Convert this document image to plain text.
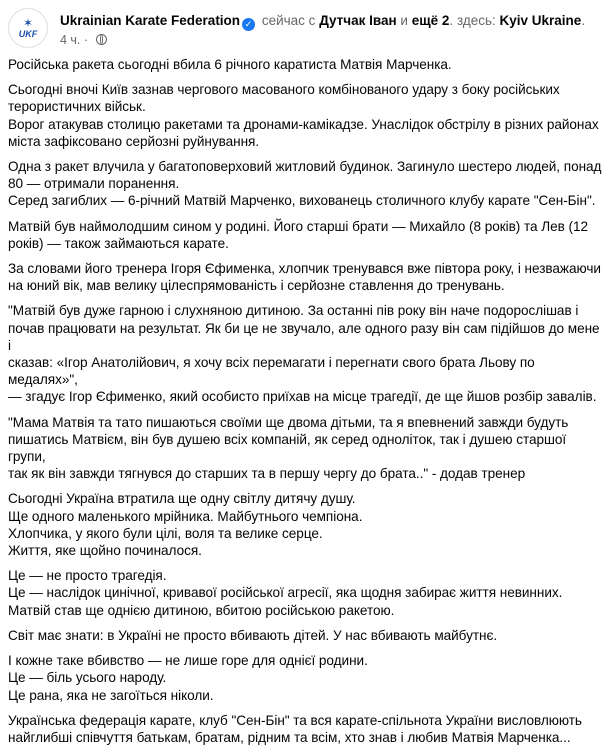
✶
UKF
Ukrainian Karate Federation ✓ сейчас с Дутчак Іван и ещё 2. здесь: Kyiv Ukraine.
4 ч. ·

Російська ракета сьогодні вбила 6 річного каратиста Матвія Марченка.

Сьогодні вночі Київ зазнав чергового масованого комбінованого удару з боку російських
терористичних військ.
Ворог атакував столицю ракетами та дронами-камікадзе. Унаслідок обстрілу в різних районах
міста зафіксовано серйозні руйнування.

Одна з ракет влучила у багатоповерховий житловий будинок. Загинуло шестеро людей, понад
80 — отримали поранення.
Серед загиблих — 6-річний Матвій Марченко, вихованець столичного клубу карате "Сен-Бін".

Матвій був наймолодшим сином у родині. Його старші брати — Михайло (8 років) та Лев (12
років) — також займаються карате.

За словами його тренера Ігоря Єфименка, хлопчик тренувався вже півтора року, і незважаючи
на юний вік, мав велику цілеспрямованість і серйозне ставлення до тренувань.

"Матвій був дуже гарною і слухняною дитиною. За останні пів року він наче подорослішав і
почав працювати на результат. Як би це не звучало, але одного разу він сам підійшов до мене і
сказав: «Ігор Анатолійович, я хочу всіх перемагати і перегнати свого брата Льову по медалях»",
— згадує Ігор Єфименко, який особисто приїхав на місце трагедії, де ще йшов розбір завалів.

"Мама Матвія та тато пишаються своїми ще двома дітьми, та я впевнений завжди будуть
пишатись Матвієм, він був душею всіх компаній, як серед однолітoк, так і душею старшої групи,
так як він завжди тягнувся до старших та в першу чергу до брата.." - додав тренер

Сьогодні Україна втратила ще одну світлу дитячу душу.
Ще одного маленького мрійника. Майбутнього чемпіона.
Хлопчика, у якого були цілі, воля та велике серце.
Життя, яке щойно починалося.

Це — не просто трагедія.
Це — наслідок цинічної, кривавої російської агресії, яка щодня забирає життя невинних.
Матвій став ще однією дитиною, вбитою російською ракетою.

Світ має знати: в Україні не просто вбивають дітей. У нас вбивають майбутнє.

І кожне таке вбивство — не лише горе для однієї родини.
Це — біль усього народу.
Це рана, яка не загоїться ніколи.

Українська федерація карате, клуб "Сен-Бін" та вся карате-спільнота України висловлюють
найглибші співчуття батькам, братам, рідним та всім, хто знав і любив Матвія Марченка...
